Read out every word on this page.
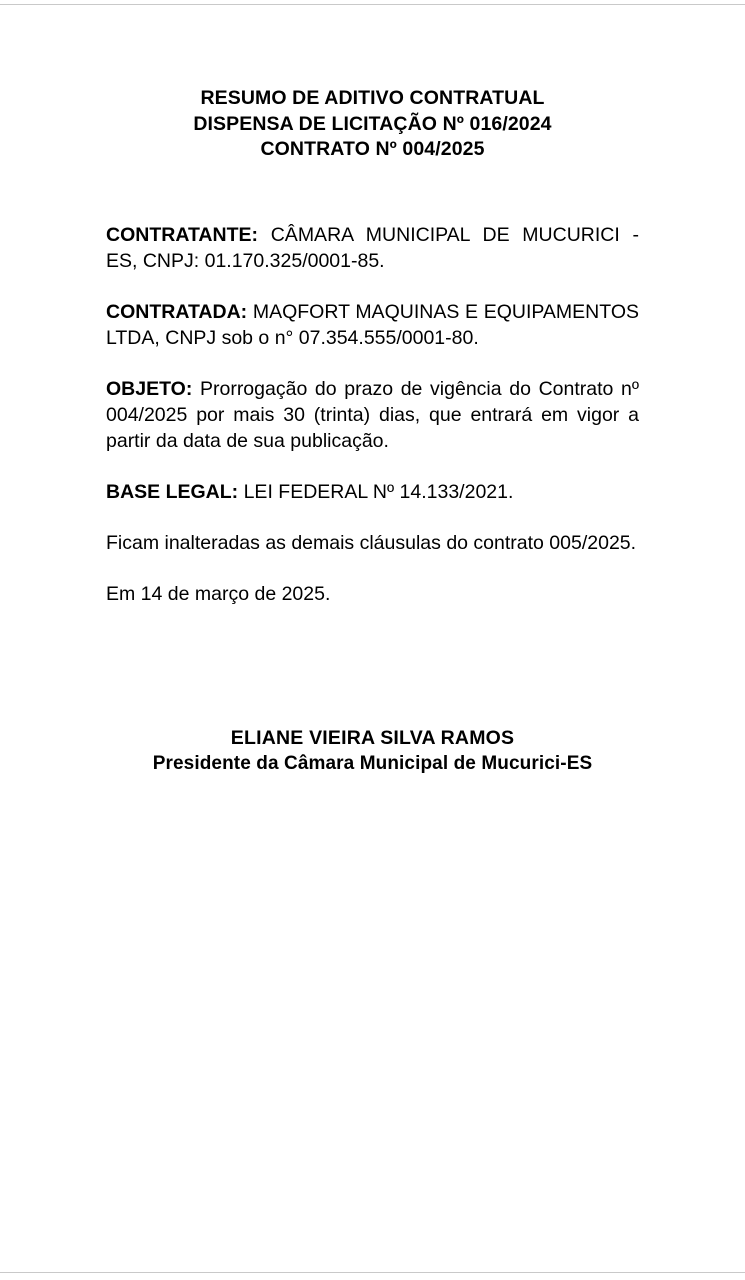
RESUMO DE ADITIVO CONTRATUAL
DISPENSA DE LICITAÇÃO Nº 016/2024
CONTRATO Nº 004/2025

CONTRATANTE: CÂMARA MUNICIPAL DE MUCURICI - ES, CNPJ: 01.170.325/0001-85.

CONTRATADA: MAQFORT MAQUINAS E EQUIPAMENTOS LTDA, CNPJ sob o n° 07.354.555/0001-80.

OBJETO: Prorrogação do prazo de vigência do Contrato nº 004/2025 por mais 30 (trinta) dias, que entrará em vigor a partir da data de sua publicação.

BASE LEGAL: LEI FEDERAL Nº 14.133/2021.

Ficam inalteradas as demais cláusulas do contrato 005/2025.

Em 14 de março de 2025.

ELIANE VIEIRA SILVA RAMOS
Presidente da Câmara Municipal de Mucurici-ES
